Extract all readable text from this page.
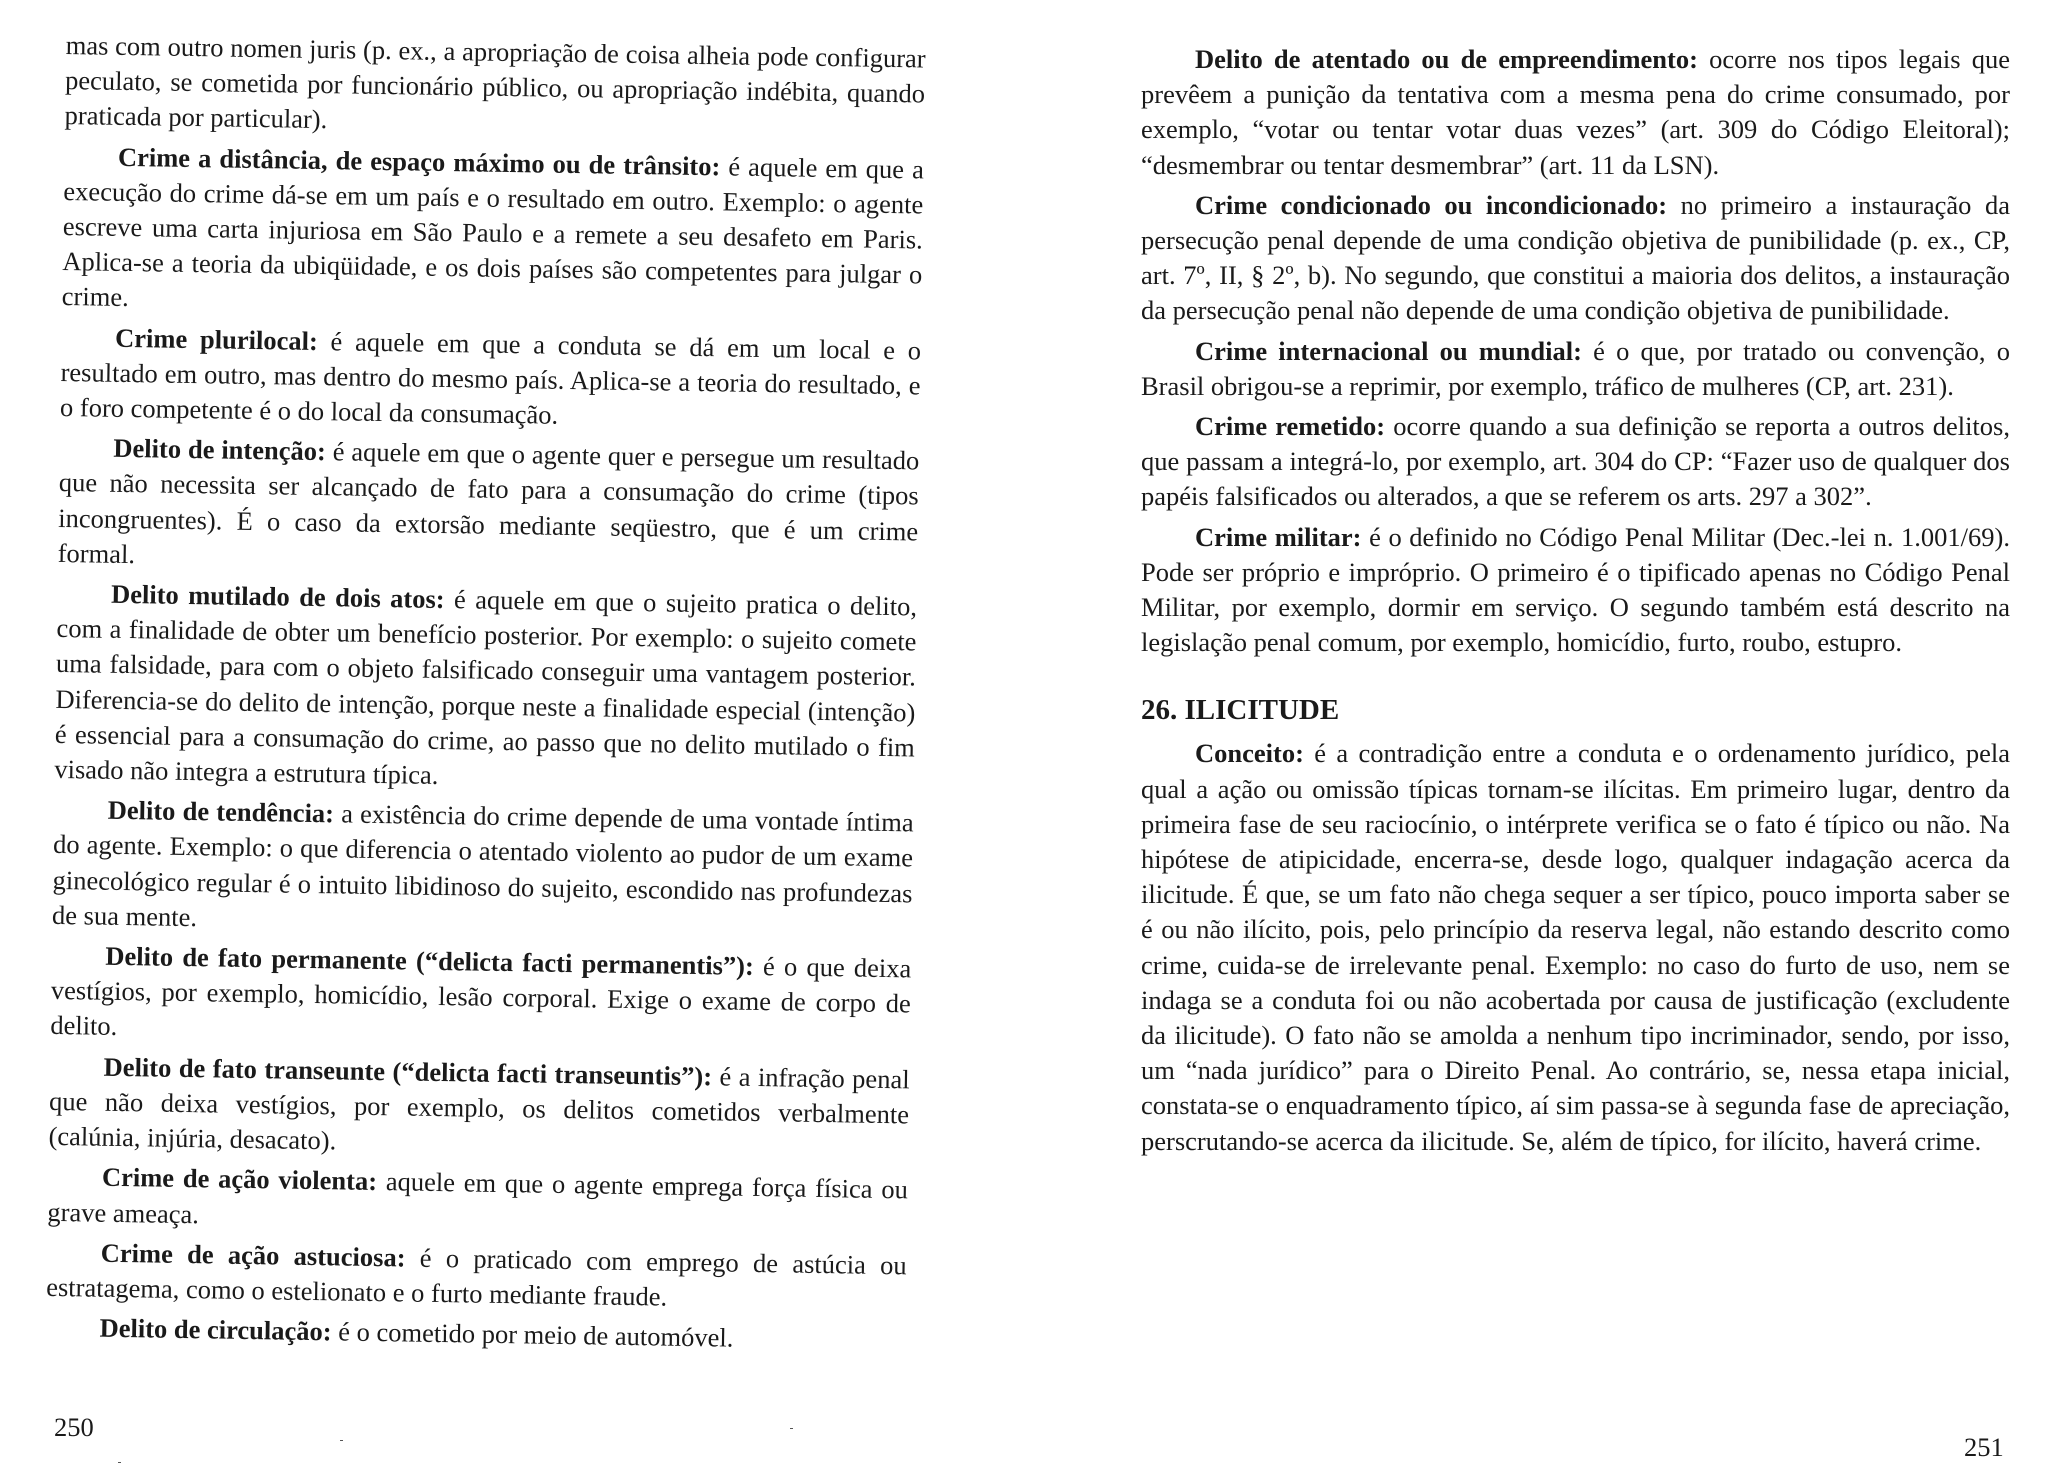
mas com outro nomen juris (p. ex., a apropriação de coisa alheia pode configurar peculato, se cometida por funcionário público, ou apropriação indébita, quando praticada por particular).

Crime a distância, de espaço máximo ou de trânsito: é aquele em que a execução do crime dá-se em um país e o resultado em outro. Exemplo: o agente escreve uma carta injuriosa em São Paulo e a remete a seu desafeto em Paris. Aplica-se a teoria da ubiqüidade, e os dois países são competentes para julgar o crime.

Crime plurilocal: é aquele em que a conduta se dá em um local e o resultado em outro, mas dentro do mesmo país. Aplica-se a teoria do resultado, e o foro competente é o do local da consumação.

Delito de intenção: é aquele em que o agente quer e persegue um resultado que não necessita ser alcançado de fato para a consumação do crime (tipos incongruentes). É o caso da extorsão mediante seqüestro, que é um crime formal.

Delito mutilado de dois atos: é aquele em que o sujeito pratica o delito, com a finalidade de obter um benefício posterior. Por exemplo: o sujeito comete uma falsidade, para com o objeto falsificado conseguir uma vantagem posterior. Diferencia-se do delito de intenção, porque neste a finalidade especial (intenção) é essencial para a consumação do crime, ao passo que no delito mutilado o fim visado não integra a estrutura típica.

Delito de tendência: a existência do crime depende de uma vontade íntima do agente. Exemplo: o que diferencia o atentado violento ao pudor de um exame ginecológico regular é o intuito libidinoso do sujeito, escondido nas profundezas de sua mente.

Delito de fato permanente (“delicta facti permanentis”): é o que deixa vestígios, por exemplo, homicídio, lesão corporal. Exige o exame de corpo de delito.

Delito de fato transeunte (“delicta facti transeuntis”): é a infração penal que não deixa vestígios, por exemplo, os delitos cometidos verbalmente (calúnia, injúria, desacato).

Crime de ação violenta: aquele em que o agente emprega força física ou grave ameaça.

Crime de ação astuciosa: é o praticado com emprego de astúcia ou estratagema, como o estelionato e o furto mediante fraude.

Delito de circulação: é o cometido por meio de automóvel.

250

Delito de atentado ou de empreendimento: ocorre nos tipos legais que prevêem a punição da tentativa com a mesma pena do crime consumado, por exemplo, “votar ou tentar votar duas vezes” (art. 309 do Código Eleitoral); “desmembrar ou tentar desmembrar” (art. 11 da LSN).

Crime condicionado ou incondicionado: no primeiro a instauração da persecução penal depende de uma condição objetiva de punibilidade (p. ex., CP, art. 7º, II, § 2º, b). No segundo, que constitui a maioria dos delitos, a instauração da persecução penal não depende de uma condição objetiva de punibilidade.

Crime internacional ou mundial: é o que, por tratado ou convenção, o Brasil obrigou-se a reprimir, por exemplo, tráfico de mulheres (CP, art. 231).

Crime remetido: ocorre quando a sua definição se reporta a outros delitos, que passam a integrá-lo, por exemplo, art. 304 do CP: “Fazer uso de qualquer dos papéis falsificados ou alterados, a que se referem os arts. 297 a 302”.

Crime militar: é o definido no Código Penal Militar (Dec.-lei n. 1.001/69). Pode ser próprio e impróprio. O primeiro é o tipificado apenas no Código Penal Militar, por exemplo, dormir em serviço. O segundo também está descrito na legislação penal comum, por exemplo, homicídio, furto, roubo, estupro.

26. ILICITUDE

Conceito: é a contradição entre a conduta e o ordenamento jurídico, pela qual a ação ou omissão típicas tornam-se ilícitas. Em primeiro lugar, dentro da primeira fase de seu raciocínio, o intérprete verifica se o fato é típico ou não. Na hipótese de atipicidade, encerra-se, desde logo, qualquer indagação acerca da ilicitude. É que, se um fato não chega sequer a ser típico, pouco importa saber se é ou não ilícito, pois, pelo princípio da reserva legal, não estando descrito como crime, cuida-se de irrelevante penal. Exemplo: no caso do furto de uso, nem se indaga se a conduta foi ou não acobertada por causa de justificação (excludente da ilicitude). O fato não se amolda a nenhum tipo incriminador, sendo, por isso, um “nada jurídico” para o Direito Penal. Ao contrário, se, nessa etapa inicial, constata-se o enquadramento típico, aí sim passa-se à segunda fase de apreciação, perscrutando-se acerca da ilicitude. Se, além de típico, for ilícito, haverá crime.

251
